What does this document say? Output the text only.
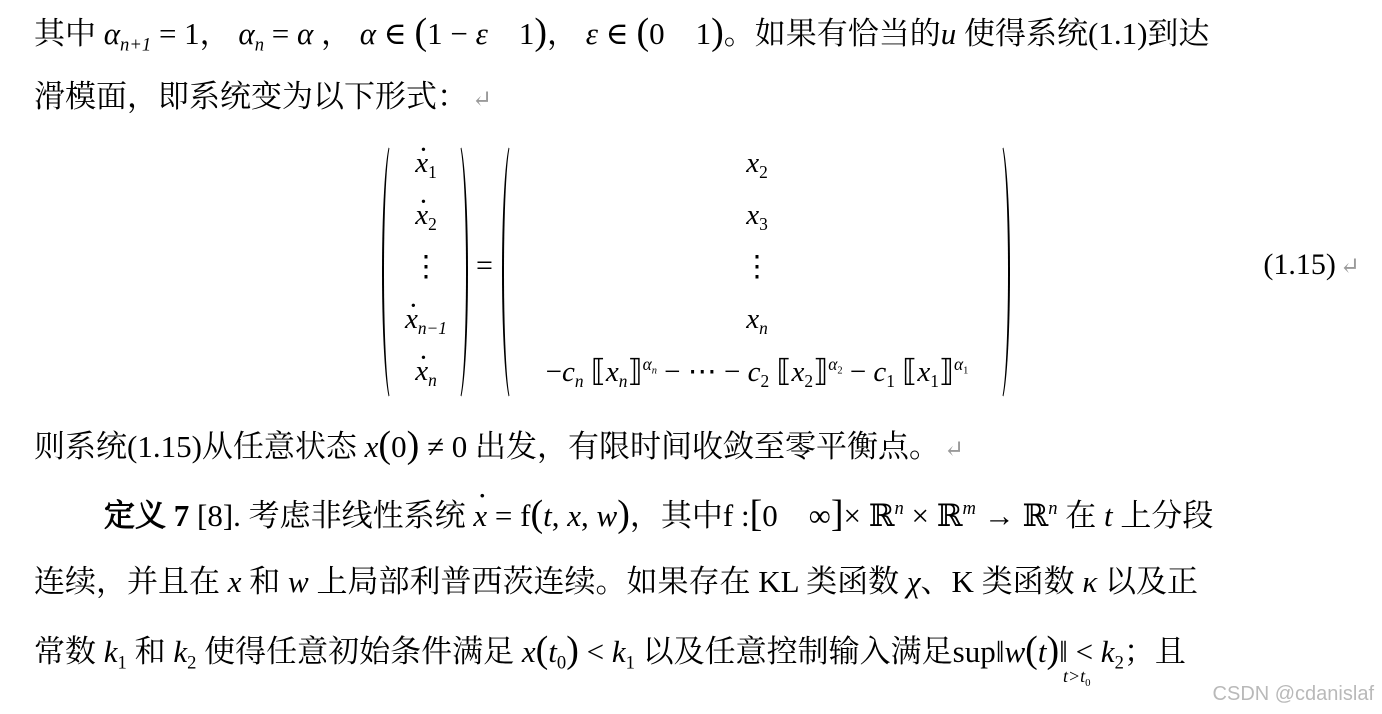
其中 $\alpha_{n+1} = 1$， $\alpha_n = \alpha$ ， α ∈ (1 − ε    1)， ε ∈ (0    1)。如果有恰当的u 使得系统(1.1)到达
滑模面，即系统变为以下形式： ↵
· $x_1$
· $x_2$
⋮
· $x_{n-1}$
· $x_n$
=
$x_2$
$x_3$
⋮
$x_n$
$-c_n$ $⟦x_n⟧^{\alpha_n}$ − ⋯ − $c_2$ $⟦x_2⟧^{\alpha_2} - c_1$ $⟦x_1⟧^{\alpha_1}$
(1.15) ↵
则系统(1.15)从任意状态 x(0) ≠ 0 出发，有限时间收敛至零平衡点。 ↵
定义 7 [8]. 考虑非线性系统 · x = f(t, x, w)，其中f :[0    ∞]× ℝ$^n$ × ℝ$^m$ → ℝ$^n$ 在 t 上分段
连续，并且在 x 和 w 上局部利普西茨连续。如果存在 KL 类函数 χ、K 类函数 κ 以及正
常数 $k_1$ 和 $k_2$ 使得任意初始条件满足 $x(t_0) < k_1$ 以及任意控制输入满足sup‖w(t)‖ < $k_2$；且
$t>t_0$
CSDN @cdanislaf
